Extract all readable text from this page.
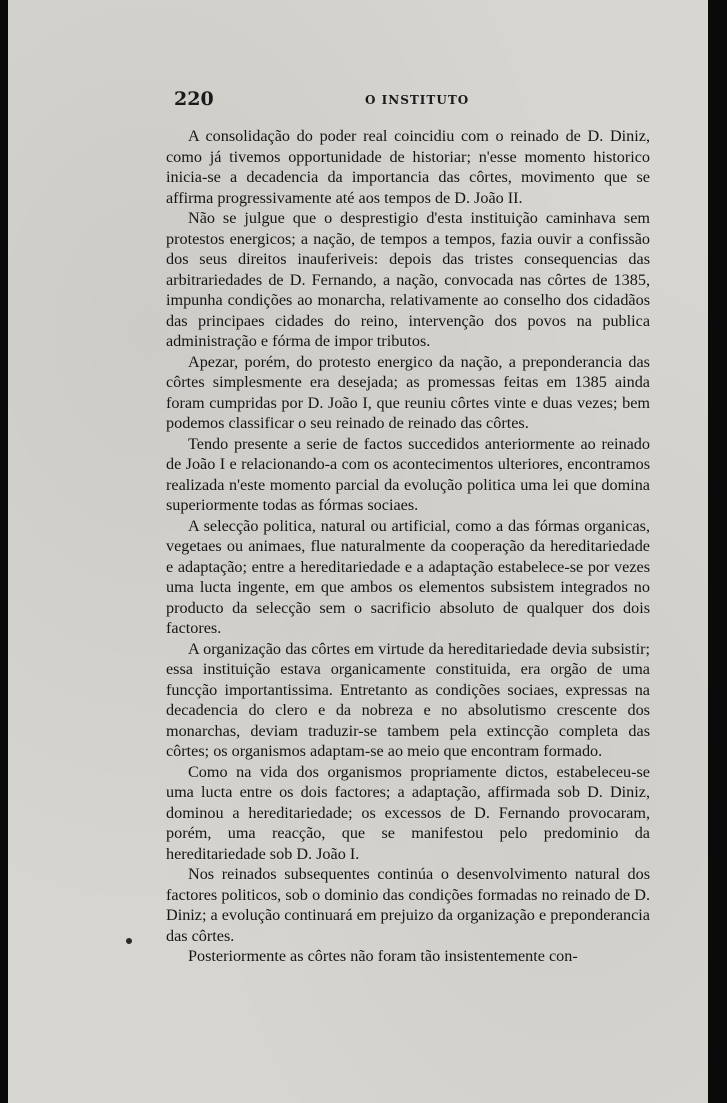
220	O INSTITUTO

A consolidação do poder real coincidiu com o reinado de D. Diniz, como já tivemos opportunidade de historiar; n'esse momento historico inicia-se a decadencia da importancia das côrtes, movimento que se affirma progressivamente até aos tempos de D. João II.

Não se julgue que o desprestigio d'esta instituição caminhava sem protestos energicos; a nação, de tempos a tempos, fazia ouvir a confissão dos seus direitos inauferiveis: depois das tristes consequencias das arbitrariedades de D. Fernando, a nação, convocada nas côrtes de 1385, impunha condições ao monarcha, relativamente ao conselho dos cidadãos das principaes cidades do reino, intervenção dos povos na publica administração e fórma de impor tributos.

Apezar, porém, do protesto energico da nação, a preponderancia das côrtes simplesmente era desejada; as promessas feitas em 1385 ainda foram cumpridas por D. João I, que reuniu côrtes vinte e duas vezes; bem podemos classificar o seu reinado de reinado das côrtes.

Tendo presente a serie de factos succedidos anteriormente ao reinado de João I e relacionando-a com os acontecimentos ulteriores, encontramos realizada n'este momento parcial da evolução politica uma lei que domina superiormente todas as fórmas sociaes.

A selecção politica, natural ou artificial, como a das fórmas organicas, vegetaes ou animaes, flue naturalmente da cooperação da hereditariedade e adaptação; entre a hereditariedade e a adaptação estabelece-se por vezes uma lucta ingente, em que ambos os elementos subsistem integrados no producto da selecção sem o sacrificio absoluto de qualquer dos dois factores.

A organização das côrtes em virtude da hereditariedade devia subsistir; essa instituição estava organicamente constituida, era orgão de uma funcção importantissima. Entretanto as condições sociaes, expressas na decadencia do clero e da nobreza e no absolutismo crescente dos monarchas, deviam traduzir-se tambem pela extincção completa das côrtes; os organismos adaptam-se ao meio que encontram formado.

Como na vida dos organismos propriamente dictos, estabeleceu-se uma lucta entre os dois factores; a adaptação, affirmada sob D. Diniz, dominou a hereditariedade; os excessos de D. Fernando provocaram, porém, uma reacção, que se manifestou pelo predominio da hereditariedade sob D. João I.

Nos reinados subsequentes continúa o desenvolvimento natural dos factores politicos, sob o dominio das condições formadas no reinado de D. Diniz; a evolução continuará em prejuizo da organização e preponderancia das côrtes.

Posteriormente as côrtes não foram tão insistentemente con-
